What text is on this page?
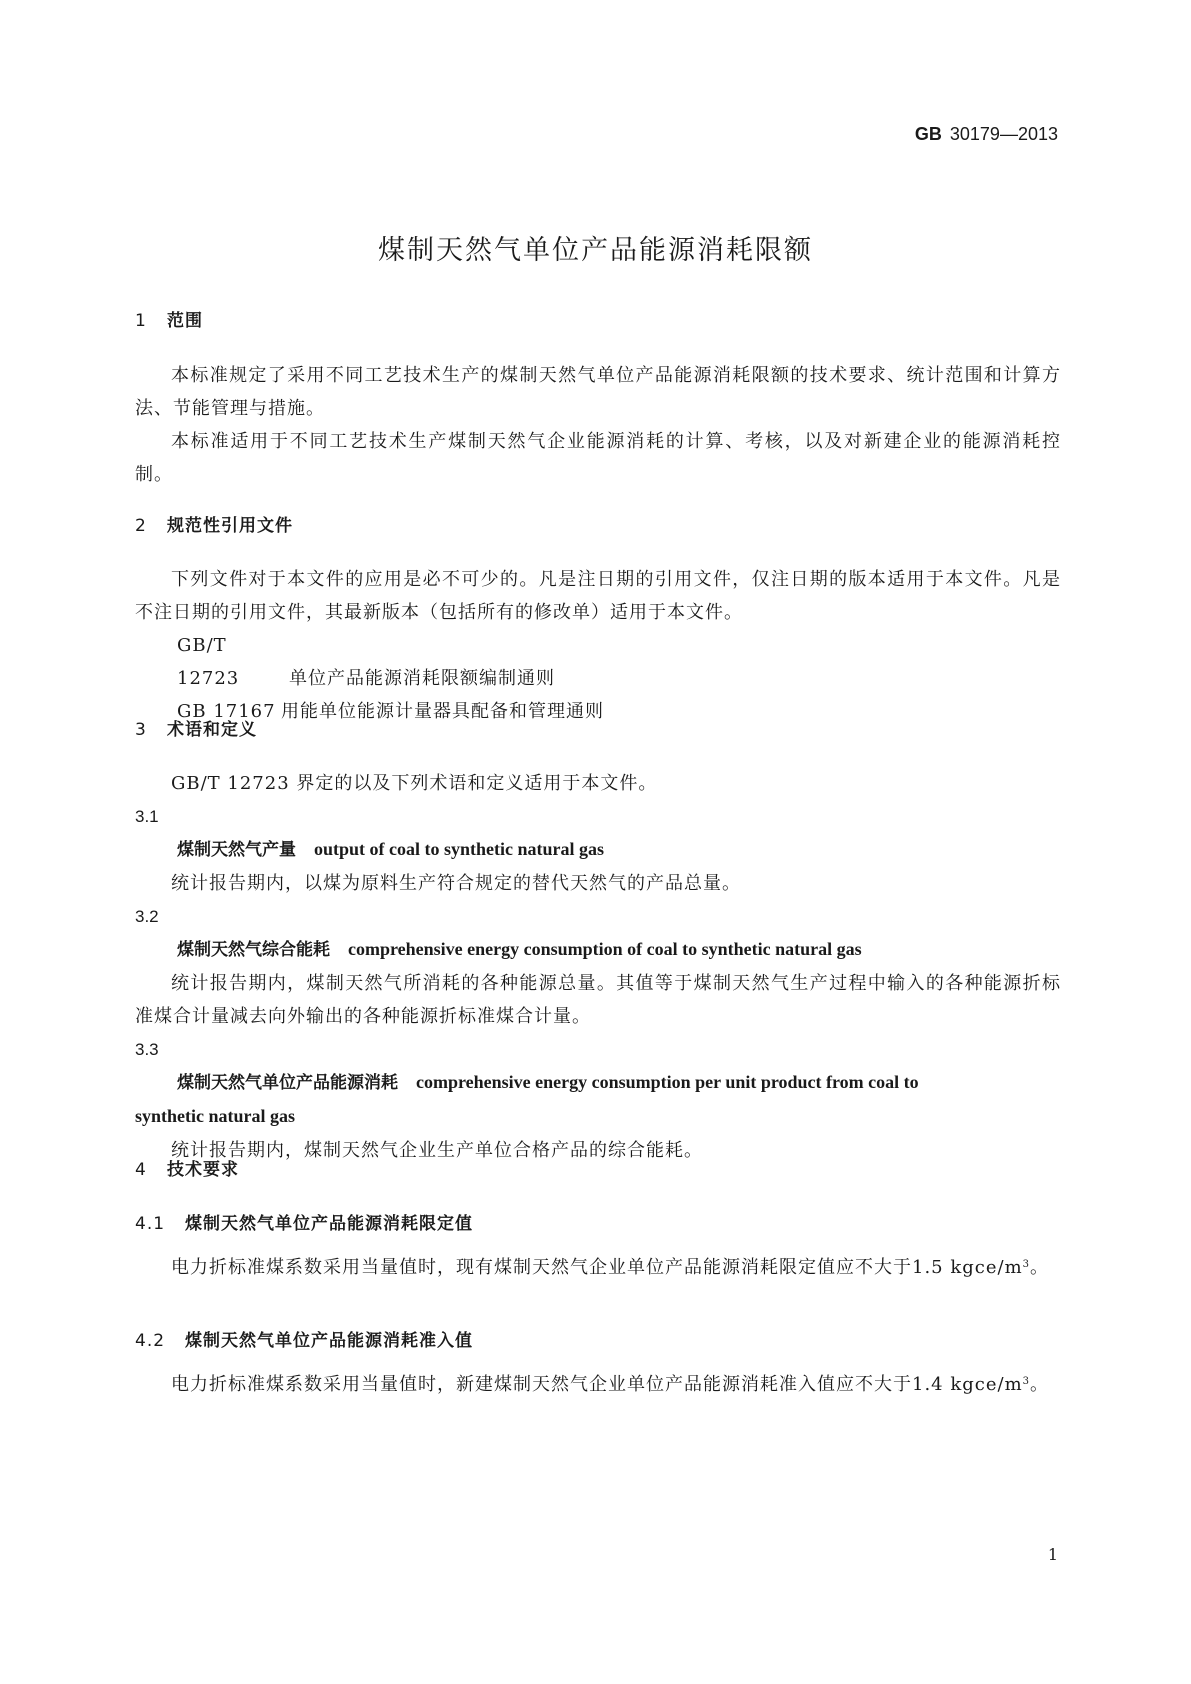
GB 30179—2013
煤制天然气单位产品能源消耗限额
1 范围
本标准规定了采用不同工艺技术生产的煤制天然气单位产品能源消耗限额的技术要求、统计范围和计算方法、节能管理与措施。
本标准适用于不同工艺技术生产煤制天然气企业能源消耗的计算、考核，以及对新建企业的能源消耗控制。
2 规范性引用文件
下列文件对于本文件的应用是必不可少的。凡是注日期的引用文件，仅注日期的版本适用于本文件。凡是不注日期的引用文件，其最新版本（包括所有的修改单）适用于本文件。
GB/T 12723	单位产品能源消耗限额编制通则
GB 17167 用能单位能源计量器具配备和管理通则
3 术语和定义
GB/T 12723 界定的以及下列术语和定义适用于本文件。
3.1
煤制天然气产量 output of coal to synthetic natural gas
统计报告期内，以煤为原料生产符合规定的替代天然气的产品总量。
3.2
煤制天然气综合能耗 comprehensive energy consumption of coal to synthetic natural gas
统计报告期内，煤制天然气所消耗的各种能源总量。其值等于煤制天然气生产过程中输入的各种能源折标准煤合计量减去向外输出的各种能源折标准煤合计量。
3.3
煤制天然气单位产品能源消耗 comprehensive energy consumption per unit product from coal to
synthetic natural gas
统计报告期内，煤制天然气企业生产单位合格产品的综合能耗。
4 技术要求
4.1 煤制天然气单位产品能源消耗限定值
电力折标准煤系数采用当量值时，现有煤制天然气企业单位产品能源消耗限定值应不大于1.5 kgce/$m^3$。
4.2 煤制天然气单位产品能源消耗准入值
电力折标准煤系数采用当量值时，新建煤制天然气企业单位产品能源消耗准入值应不大于1.4 kgce/$m^3$。
1
